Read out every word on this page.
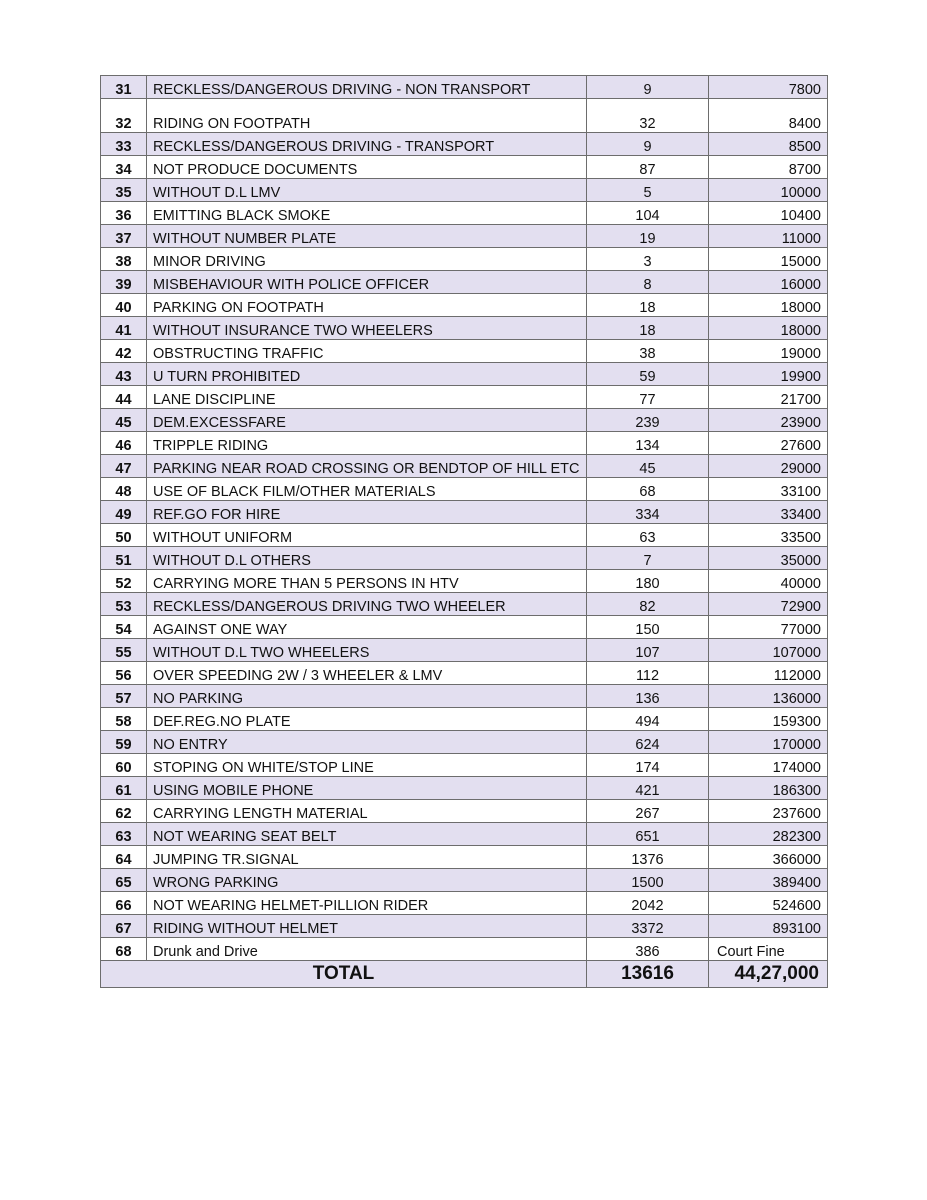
31	RECKLESS/DANGEROUS DRIVING - NON TRANSPORT	9	7800
32	RIDING ON FOOTPATH	32	8400
33	RECKLESS/DANGEROUS DRIVING - TRANSPORT	9	8500
34	NOT PRODUCE DOCUMENTS	87	8700
35	WITHOUT D.L LMV	5	10000
36	EMITTING BLACK SMOKE	104	10400
37	WITHOUT NUMBER PLATE	19	11000
38	MINOR DRIVING	3	15000
39	MISBEHAVIOUR WITH POLICE OFFICER	8	16000
40	PARKING ON FOOTPATH	18	18000
41	WITHOUT INSURANCE TWO WHEELERS	18	18000
42	OBSTRUCTING TRAFFIC	38	19000
43	U TURN PROHIBITED	59	19900
44	LANE DISCIPLINE	77	21700
45	DEM.EXCESSFARE	239	23900
46	TRIPPLE RIDING	134	27600
47	PARKING NEAR ROAD CROSSING OR BENDTOP OF HILL ETC	45	29000
48	USE OF BLACK FILM/OTHER MATERIALS	68	33100
49	REF.GO FOR HIRE	334	33400
50	WITHOUT UNIFORM	63	33500
51	WITHOUT D.L OTHERS	7	35000
52	CARRYING MORE THAN 5 PERSONS IN HTV	180	40000
53	RECKLESS/DANGEROUS DRIVING TWO WHEELER	82	72900
54	AGAINST ONE WAY	150	77000
55	WITHOUT D.L TWO WHEELERS	107	107000
56	OVER SPEEDING 2W / 3 WHEELER & LMV	112	112000
57	NO PARKING	136	136000
58	DEF.REG.NO PLATE	494	159300
59	NO ENTRY	624	170000
60	STOPING ON WHITE/STOP LINE	174	174000
61	USING MOBILE PHONE	421	186300
62	CARRYING LENGTH MATERIAL	267	237600
63	NOT WEARING SEAT BELT	651	282300
64	JUMPING TR.SIGNAL	1376	366000
65	WRONG PARKING	1500	389400
66	NOT WEARING HELMET-PILLION RIDER	2042	524600
67	RIDING WITHOUT HELMET	3372	893100
68	Drunk and Drive	386	Court Fine
TOTAL		13616	44,27,000
